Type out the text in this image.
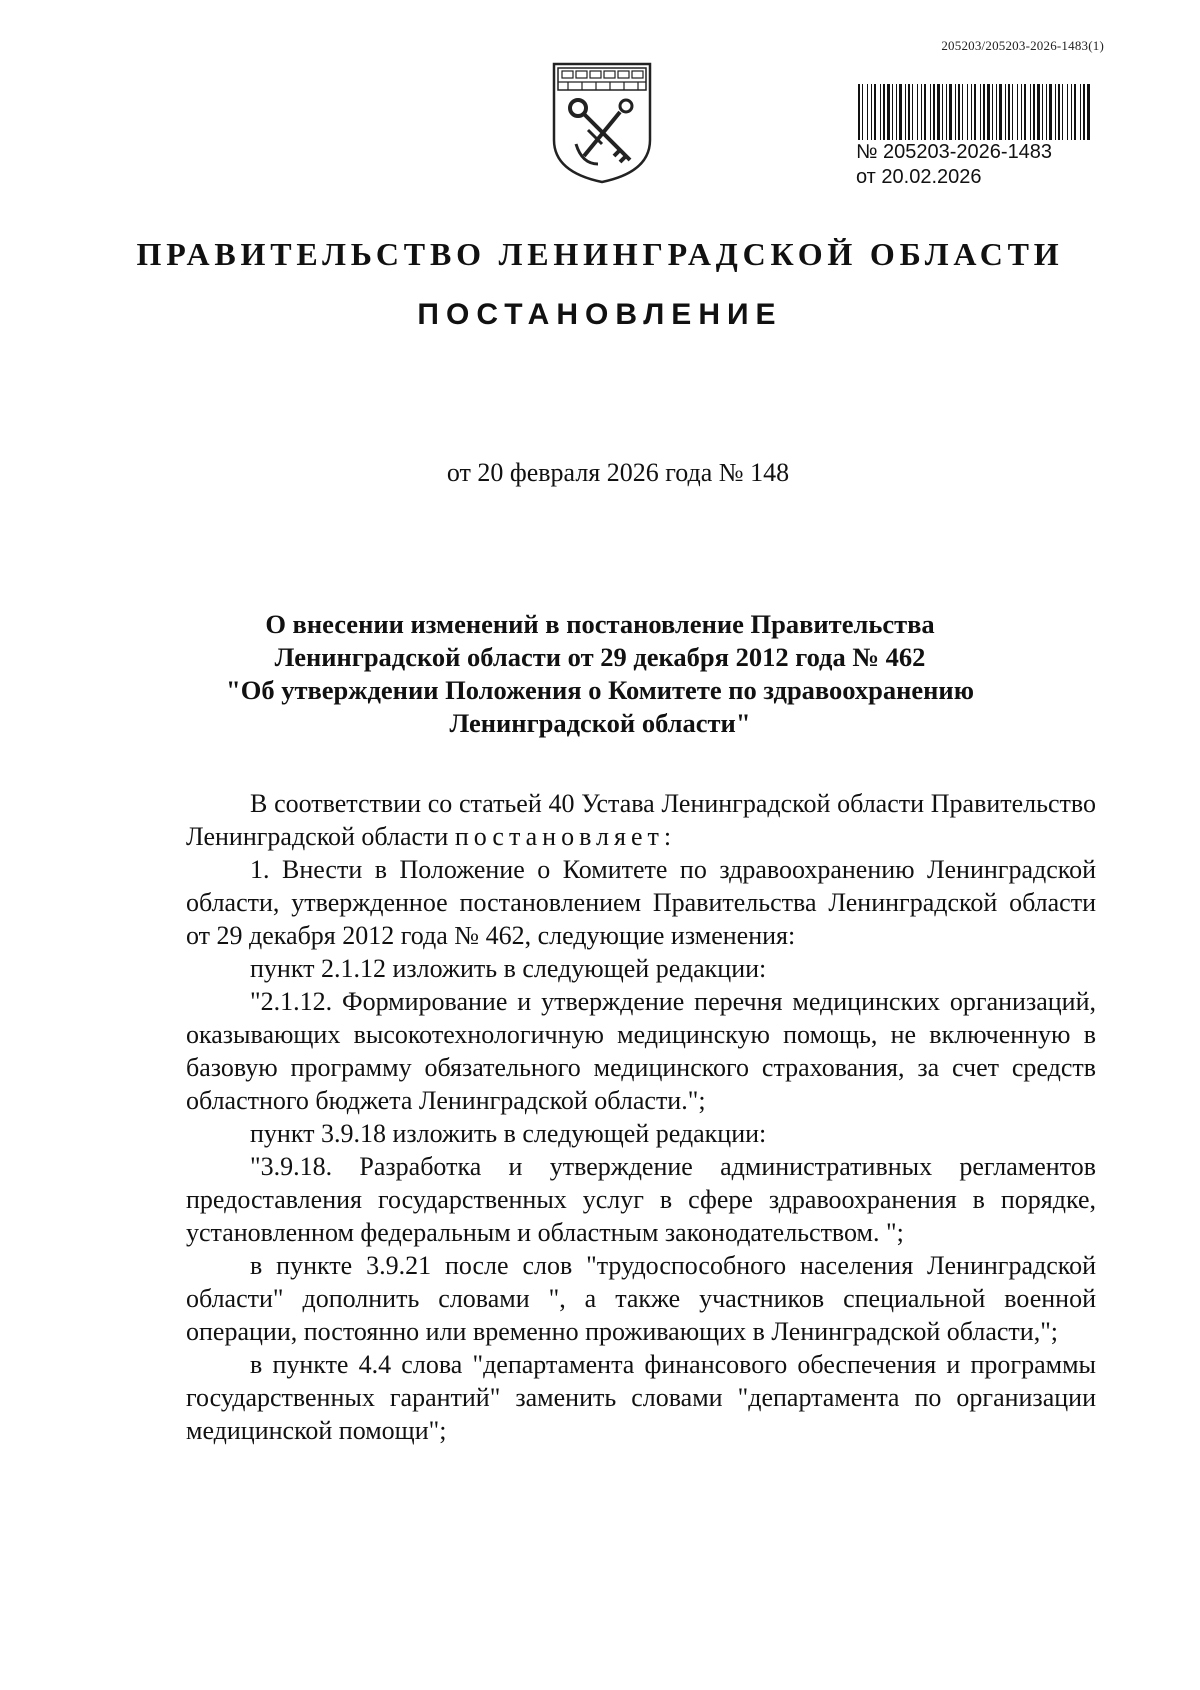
205203/205203-2026-1483(1)
№ 205203-2026-1483
от 20.02.2026
ПРАВИТЕЛЬСТВО ЛЕНИНГРАДСКОЙ ОБЛАСТИ
ПОСТАНОВЛЕНИЕ
от 20 февраля 2026 года № 148
О внесении изменений в постановление Правительства
Ленинградской области от 29 декабря 2012 года № 462
"Об утверждении Положения о Комитете по здравоохранению
Ленинградской области"

В соответствии со статьей 40 Устава Ленинградской области Правительство Ленинградской области постановляет:

1. Внести в Положение о Комитете по здравоохранению Ленинградской области, утвержденное постановлением Правительства Ленинградской области от 29 декабря 2012 года № 462, следующие изменения:

пункт 2.1.12 изложить в следующей редакции:

"2.1.12. Формирование и утверждение перечня медицинских организаций, оказывающих высокотехнологичную медицинскую помощь, не включенную в базовую программу обязательного медицинского страхования, за счет средств областного бюджета Ленинградской области.";

пункт 3.9.18 изложить в следующей редакции:

"3.9.18. Разработка и утверждение административных регламентов предоставления государственных услуг в сфере здравоохранения в порядке, установленном федеральным и областным законодательством. ";

в пункте 3.9.21 после слов "трудоспособного населения Ленинградской области" дополнить словами ", а также участников специальной военной операции, постоянно или временно проживающих в Ленинградской области,";

в пункте 4.4 слова "департамента финансового обеспечения и программы государственных гарантий" заменить словами "департамента по организации медицинской помощи";
